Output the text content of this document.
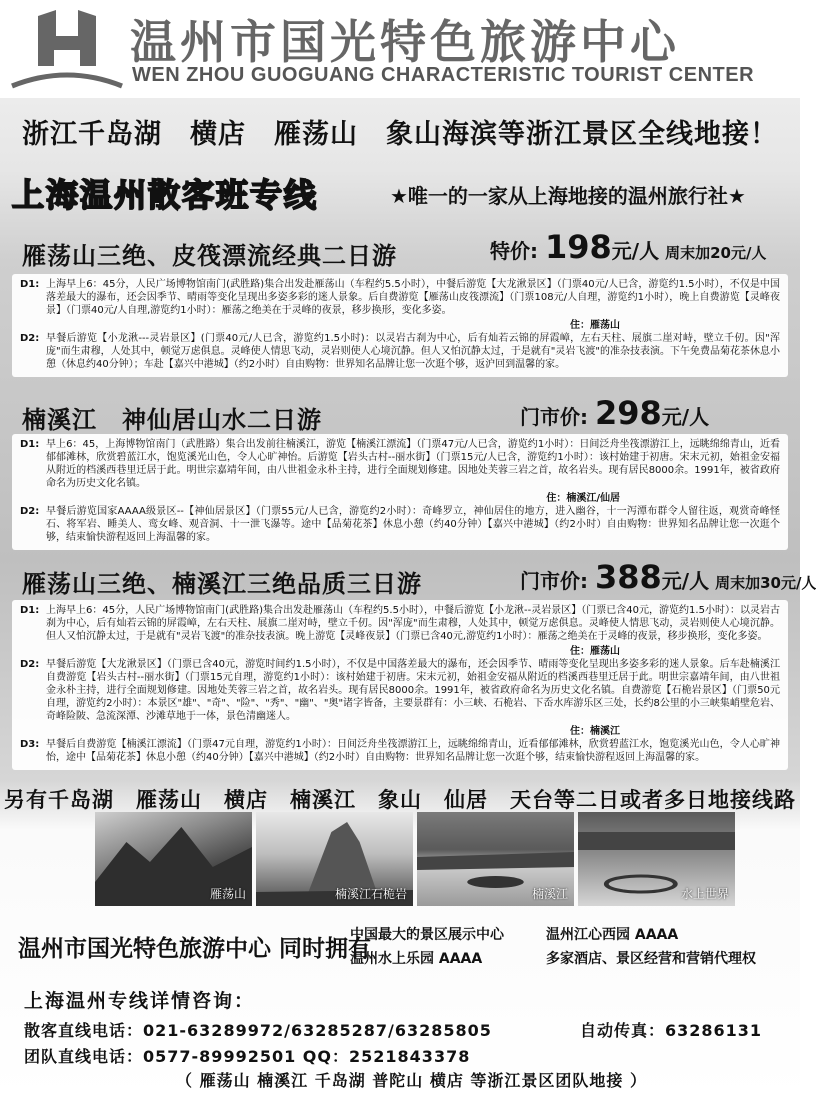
温州市国光特色旅游中心
WEN ZHOU GUOGUANG CHARACTERISTIC TOURIST CENTER
浙江千岛湖　横店　雁荡山　象山海滨等浙江景区全线地接！
上海温州散客班专线	★唯一的一家从上海地接的温州旅行社★
雁荡山三绝、皮筏漂流经典二日游	特价: 198元/人 周末加20元/人
D1: 上海早上6：45分，人民广场博物馆南门(武胜路)集合出发赴雁荡山（车程约5.5小时），中餐后游览【大龙湫景区】（门票40元/人已含，游览约1.5小时），不仅是中国落差最大的瀑布，还会因季节、晴雨等变化呈现出多姿多彩的迷人景象。后自费游览【雁荡山皮筏漂流】（门票108元/人自理，游览约1小时），晚上自费游览【灵峰夜景】（门票40元/人自理,游览约1小时）：雁荡之绝美在于灵峰的夜景，移步换形，变化多姿。
住：雁荡山
D2: 早餐后游览【小龙湫---灵岩景区】(门票40元/人已含，游览约1.5小时)：以灵岩古刹为中心，后有灿若云锦的屏霞嶂，左右天柱、展旗二崖对峙，壁立千仞。因"浑庞"而生肃穆，人处其中，顿觉万虑俱息。灵峰使人情思飞动，灵岩则使人心境沉静。但人又怕沉静太过，于是就有"灵岩飞渡"的准杂技表演。下午免费品菊花茶休息小憩（休息约40分钟）；车赴【嘉兴中港城】（约2小时）自由购物：世界知名品牌让您一次逛个够，返沪回到温馨的家。
楠溪江　神仙居山水二日游	门市价: 298元/人
D1: 早上6：45，上海博物馆南门（武胜路）集合出发前往楠溪江，游览【楠溪江漂流】（门票47元/人已含，游览约1小时）：日间泛舟坐筏漂游江上，远眺绵绵青山，近看郁郁滩林，欣赏碧蓝江水，饱览溪光山色，令人心旷神怡。后游览【岩头古村--丽水街】（门票15元/人已含，游览约1小时）：该村始建于初唐。宋末元初，始祖金安福从附近的档溪西巷里迁居于此。明世宗嘉靖年间，由八世祖金永朴主持，进行全面规划修建。因地处芙蓉三岩之首，故名岩头。现有居民8000余。1991年，被省政府命名为历史文化名镇。
住：楠溪江/仙居
D2: 早餐后游览国家AAAA级景区--【神仙居景区】（门票55元/人已含，游览约2小时）：奇峰罗立，神仙居住的地方，进入幽谷，十一泻潭布群令人留往返，观赏奇峰怪石、将军岩、睡美人、鸾女峰、观音洞、十一泄飞瀑等。途中【品菊花茶】休息小憩（约40分钟）【嘉兴中港城】（约2小时）自由购物：世界知名品牌让您一次逛个够，结束愉快游程返回上海温馨的家。
雁荡山三绝、楠溪江三绝品质三日游	门市价: 388元/人 周末加30元/人
D1: 上海早上6：45分，人民广场博物馆南门(武胜路)集合出发赴雁荡山（车程约5.5小时），中餐后游览【小龙湫--灵岩景区】（门票已含40元，游览约1.5小时）：以灵岩古刹为中心，后有灿若云锦的屏霞嶂，左右天柱、展旗二崖对峙，壁立千仞。因"浑庞"而生肃穆，人处其中，顿觉万虑俱息。灵峰使人情思飞动，灵岩则使人心境沉静。但人又怕沉静太过，于是就有"灵岩飞渡"的准杂技表演。晚上游览【灵峰夜景】（门票已含40元,游览约1小时）：雁荡之绝美在于灵峰的夜景，移步换形，变化多姿。
住：雁荡山
D2: 早餐后游览【大龙湫景区】（门票已含40元，游览时间约1.5小时），不仅是中国落差最大的瀑布，还会因季节、晴雨等变化呈现出多姿多彩的迷人景象。后车赴楠溪江自费游览【岩头古村--丽水街】（门票15元自理，游览约1小时）：该村始建于初唐。宋末元初，始祖金安福从附近的档溪西巷里迁居于此。明世宗嘉靖年间，由八世祖金永朴主持，进行全面规划修建。因地处芙蓉三岩之首，故名岩头。现有居民8000余。1991年，被省政府命名为历史文化名镇。自费游览【石桅岩景区】（门票50元自理，游览约2小时）：本景区"雄"、"奇"、"险"、"秀"、"幽"、"奥"诸字皆备，主要景群有：小三峡、石桅岩、下岙水库游乐区三处，长约8公里的小三峡集峭壁危岩、奇峰险陂、急流深潭、沙滩草地于一体，景色清幽迷人。
住：楠溪江
D3: 早餐后自费游览【楠溪江漂流】（门票47元自理，游览约1小时）：日间泛舟坐筏漂游江上，远眺绵绵青山，近看郁郁滩林，欣赏碧蓝江水，饱览溪光山色，令人心旷神怡，途中【品菊花茶】休息小憩（约40分钟）【嘉兴中港城】（约2小时）自由购物：世界知名品牌让您一次逛个够，结束愉快游程返回上海温馨的家。
另有千岛湖　雁荡山　横店　楠溪江　象山　仙居　天台等二日或者多日地接线路
雁荡山	楠溪江石桅岩	楠溪江	水上世界
温州市国光特色旅游中心 同时拥有
中国最大的景区展示中心	温州江心西园 AAAA
温州水上乐园 AAAA	多家酒店、景区经营和营销代理权
上海温州专线详情咨询：
散客直线电话：021-63289972/63285287/63285805	自动传真：63286131
团队直线电话：0577-89992501 QQ：2521843378
（ 雁荡山 楠溪江 千岛湖 普陀山 横店 等浙江景区团队地接 ）
